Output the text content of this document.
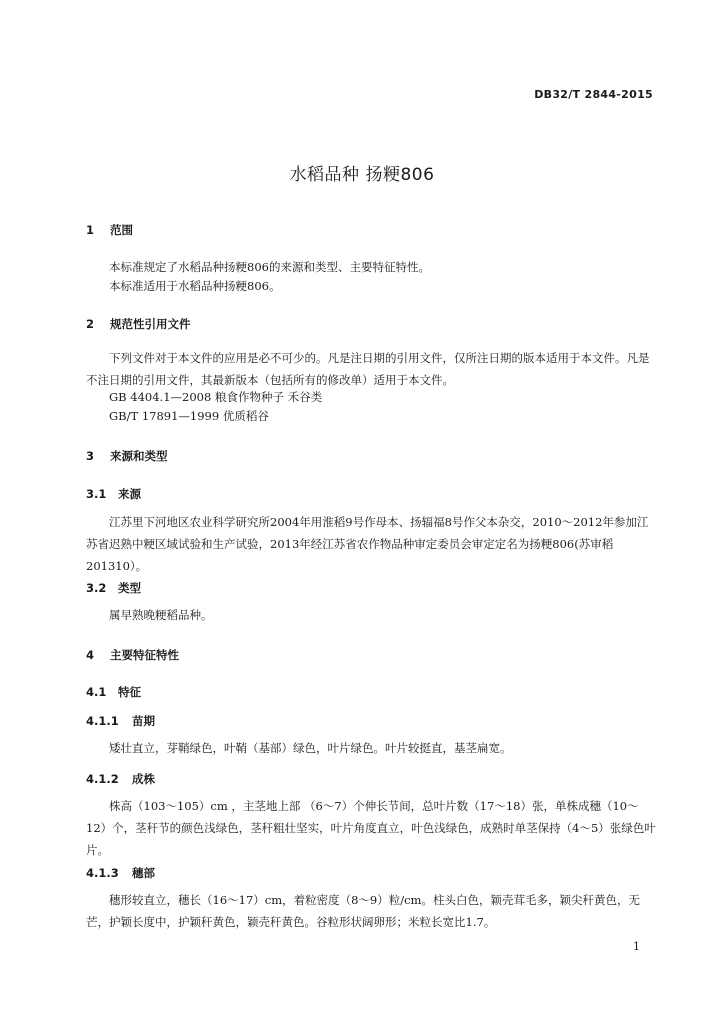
DB32/T 2844-2015
水稻品种 扬粳806
1 范围
本标准规定了水稻品种扬粳806的来源和类型、主要特征特性。
本标准适用于水稻品种扬粳806。
2 规范性引用文件
下列文件对于本文件的应用是必不可少的。凡是注日期的引用文件，仅所注日期的版本适用于本文件。凡是不注日期的引用文件，其最新版本（包括所有的修改单）适用于本文件。
GB 4404.1—2008 粮食作物种子 禾谷类
GB/T 17891—1999 优质稻谷
3 来源和类型
3.1 来源
江苏里下河地区农业科学研究所2004年用淮稻9号作母本、扬辐福8号作父本杂交，2010～2012年参加江苏省迟熟中粳区域试验和生产试验，2013年经江苏省农作物品种审定委员会审定定名为扬粳806(苏审稻201310）。
3.2 类型
属早熟晚粳稻品种。
4 主要特征特性
4.1 特征
4.1.1 苗期
矮壮直立，芽鞘绿色，叶鞘（基部）绿色，叶片绿色。叶片较挺直，基茎扁宽。
4.1.2 成株
株高（103～105）cm ，主茎地上部 （6～7）个伸长节间，总叶片数（17～18）张，单株成穗（10～12）个，茎秆节的颜色浅绿色，茎秆粗壮坚实，叶片角度直立，叶色浅绿色，成熟时单茎保持（4～5）张绿色叶片。
4.1.3 穗部
穗形较直立，穗长（16～17）cm，着粒密度（8～9）粒/cm。柱头白色，颖壳茸毛多，颖尖秆黄色，无芒，护颖长度中，护颖秆黄色，颖壳秆黄色。谷粒形状阔卵形；米粒长宽比1.7。
1
